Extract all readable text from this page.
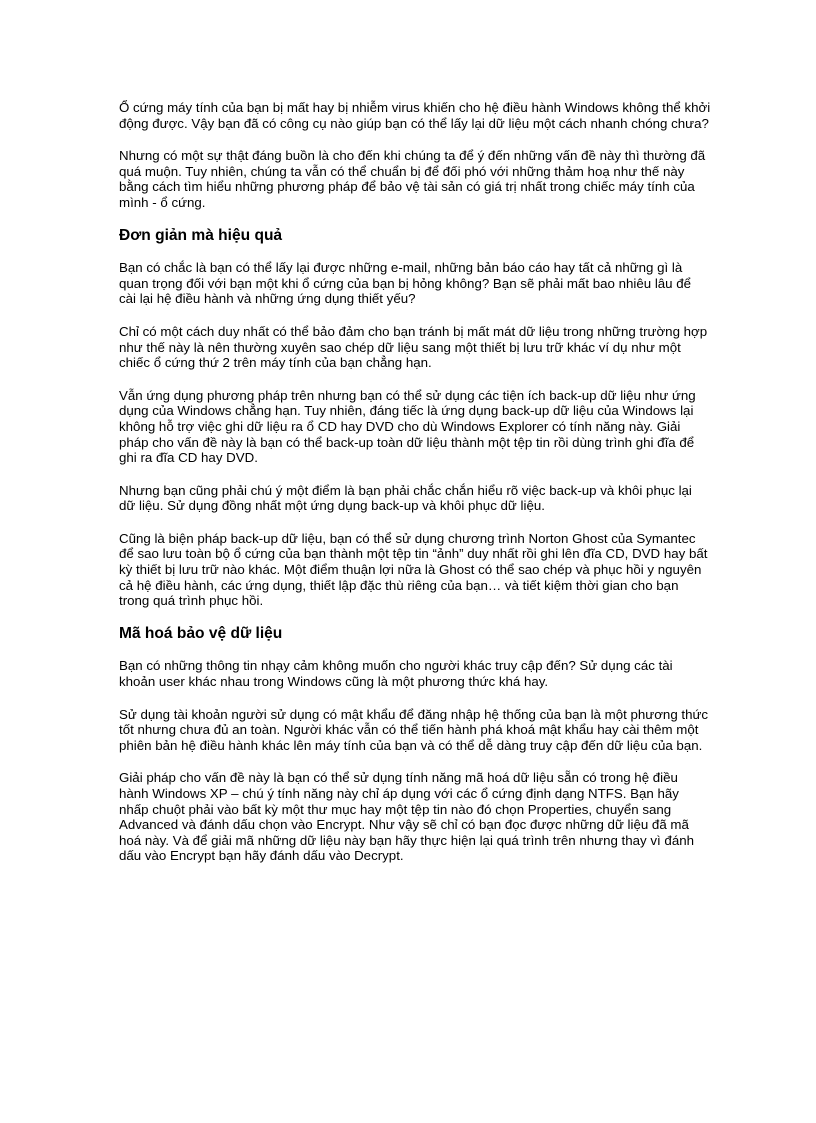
Ổ cứng máy tính của bạn bị mất hay bị nhiễm virus khiến cho hệ điều hành Windows không thể khởi động được. Vậy bạn đã có công cụ nào giúp bạn có thể lấy lại dữ liệu một cách nhanh chóng chưa?

Nhưng có một sự thật đáng buồn là cho đến khi chúng ta để ý đến những vấn đề này thì thường đã quá muộn. Tuy nhiên, chúng ta vẫn có thể chuẩn bị để đối phó với những thảm hoạ như thế này bằng cách tìm hiểu những phương pháp để bảo vệ tài sản có giá trị nhất trong chiếc máy tính của mình - ổ cứng.

Đơn giản mà hiệu quả

Bạn có chắc là bạn có thể lấy lại được những e-mail, những bản báo cáo hay tất cả những gì là quan trọng đối với bạn một khi ổ cứng của bạn bị hỏng không? Bạn sẽ phải mất bao nhiêu lâu để cài lại hệ điều hành và những ứng dụng thiết yếu?

Chỉ có một cách duy nhất có thể bảo đảm cho bạn tránh bị mất mát dữ liệu trong những trường hợp như thế này là nên thường xuyên sao chép dữ liệu sang một thiết bị lưu trữ khác ví dụ như một chiếc ổ cứng thứ 2 trên máy tính của bạn chẳng hạn.

Vẫn ứng dụng phương pháp trên nhưng bạn có thể sử dụng các tiện ích back-up dữ liệu như ứng dụng của Windows chẳng hạn. Tuy nhiên, đáng tiếc là ứng dụng back-up dữ liệu của Windows lại không hỗ trợ việc ghi dữ liệu ra ổ CD hay DVD cho dù Windows Explorer có tính năng này. Giải pháp cho vấn đề này là bạn có thể back-up toàn dữ liệu thành một tệp tin rồi dùng trình ghi đĩa để ghi ra đĩa CD hay DVD.

Nhưng bạn cũng phải chú ý một điểm là bạn phải chắc chắn hiểu rõ việc back-up và khôi phục lại dữ liệu. Sử dụng đồng nhất một ứng dụng back-up và khôi phục dữ liệu.

Cũng là biện pháp back-up dữ liệu, bạn có thể sử dụng chương trình Norton Ghost của Symantec để sao lưu toàn bộ ổ cứng của bạn thành một tệp tin “ảnh” duy nhất rồi ghi lên đĩa CD, DVD hay bất kỳ thiết bị lưu trữ nào khác. Một điểm thuận lợi nữa là Ghost có thể sao chép và phục hồi y nguyên cả hệ điều hành, các ứng dụng, thiết lập đặc thù riêng của bạn… và tiết kiệm thời gian cho bạn trong quá trình phục hồi.

Mã hoá bảo vệ dữ liệu

Bạn có những thông tin nhạy cảm không muốn cho người khác truy cập đến? Sử dụng các tài khoản user khác nhau trong Windows cũng là một phương thức khá hay.

Sử dụng tài khoản người sử dụng có mật khẩu để đăng nhập hệ thống của bạn là một phương thức tốt nhưng chưa đủ an toàn. Người khác vẫn có thể tiến hành phá khoá mật khẩu hay cài thêm một phiên bản hệ điều hành khác lên máy tính của bạn và có thể dễ dàng truy cập đến dữ liệu của bạn.

Giải pháp cho vấn đề này là bạn có thể sử dụng tính năng mã hoá dữ liệu sẵn có trong hệ điều hành Windows XP – chú ý tính năng này chỉ áp dụng với các ổ cứng định dạng NTFS. Bạn hãy nhấp chuột phải vào bất kỳ một thư mục hay một tệp tin nào đó chọn Properties, chuyển sang Advanced và đánh dấu chọn vào Encrypt. Như vậy sẽ chỉ có bạn đọc được những dữ liệu đã mã hoá này. Và để giải mã những dữ liệu này bạn hãy thực hiện lại quá trình trên nhưng thay vì đánh dấu vào Encrypt bạn hãy đánh dấu vào Decrypt.
